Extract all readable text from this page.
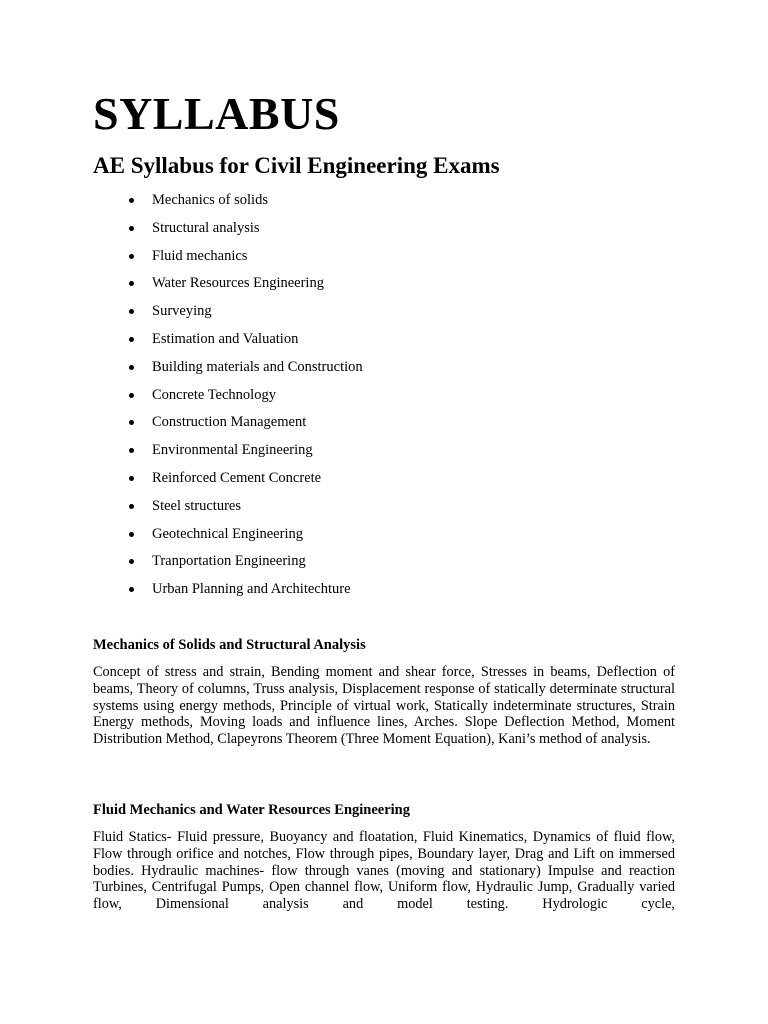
SYLLABUS
AE Syllabus for Civil Engineering Exams
Mechanics of solids
Structural analysis
Fluid mechanics
Water Resources Engineering
Surveying
Estimation and Valuation
Building materials and Construction
Concrete Technology
Construction Management
Environmental Engineering
Reinforced Cement Concrete
Steel structures
Geotechnical Engineering
Tranportation Engineering
Urban Planning and Architechture
Mechanics of Solids and Structural Analysis

Concept of stress and strain, Bending moment and shear force, Stresses in beams, Deflection of beams, Theory of columns, Truss analysis, Displacement response of statically determinate structural systems using energy methods, Principle of virtual work, Statically indeterminate structures, Strain Energy methods, Moving loads and influence lines, Arches. Slope Deflection Method, Moment Distribution Method, Clapeyrons Theorem (Three Moment Equation), Kani’s method of analysis.

Fluid Mechanics and Water Resources Engineering

Fluid Statics- Fluid pressure, Buoyancy and floatation, Fluid Kinematics, Dynamics of fluid flow, Flow through orifice and notches, Flow through pipes, Boundary layer, Drag and Lift on immersed bodies. Hydraulic machines- flow through vanes (moving and stationary) Impulse and reaction Turbines, Centrifugal Pumps, Open channel flow, Uniform flow, Hydraulic Jump, Gradually varied flow, Dimensional analysis and model testing. Hydrologic cycle,
